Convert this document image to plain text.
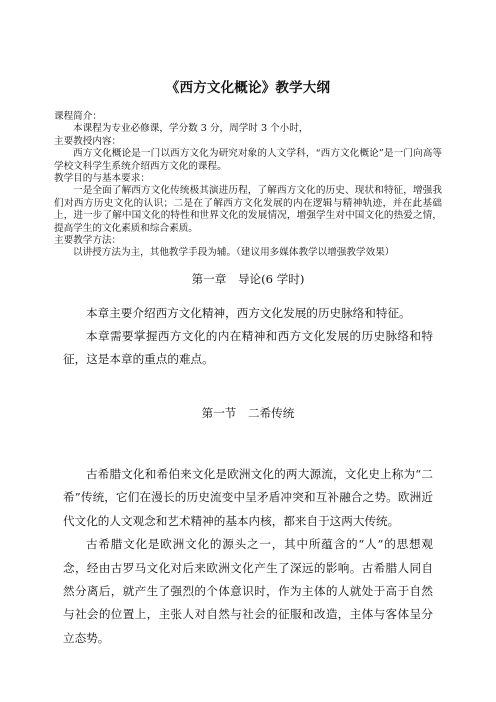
《西方文化概论》教学大纲

课程简介：

本课程为专业必修课，学分数 3 分，周学时 3 个小时，

主要教授内容：

西方文化概论是一门以西方文化为研究对象的人文学科，“西方文化概论”是一门向高等学校文科学生系统介绍西方文化的课程。

教学目的与基本要求：

一是全面了解西方文化传统极其演进历程，了解西方文化的历史、现状和特征，增强我们对西方历史文化的认识；二是在了解西方文化发展的内在逻辑与精神轨迹，并在此基础上，进一步了解中国文化的特性和世界文化的发展情况，增强学生对中国文化的热爱之情，提高学生的文化素质和综合素质。

主要教学方法：

以讲授方法为主，其他教学手段为辅。（建议用多媒体教学以增强教学效果）

第一章　导论(6 学时)

本章主要介绍西方文化精神，西方文化发展的历史脉络和特征。

本章需要掌握西方文化的内在精神和西方文化发展的历史脉络和特征，这是本章的重点的难点。

第一节　二希传统

古希腊文化和希伯来文化是欧洲文化的两大源流，文化史上称为“二希”传统，它们在漫长的历史流变中呈矛盾冲突和互补融合之势。欧洲近代文化的人文观念和艺术精神的基本内核，都来自于这两大传统。

古希腊文化是欧洲文化的源头之一，其中所蕴含的“人”的思想观念，经由古罗马文化对后来欧洲文化产生了深远的影响。古希腊人同自然分离后，就产生了强烈的个体意识时，作为主体的人就处于高于自然与社会的位置上，主张人对自然与社会的征服和改造，主体与客体呈分立态势。
